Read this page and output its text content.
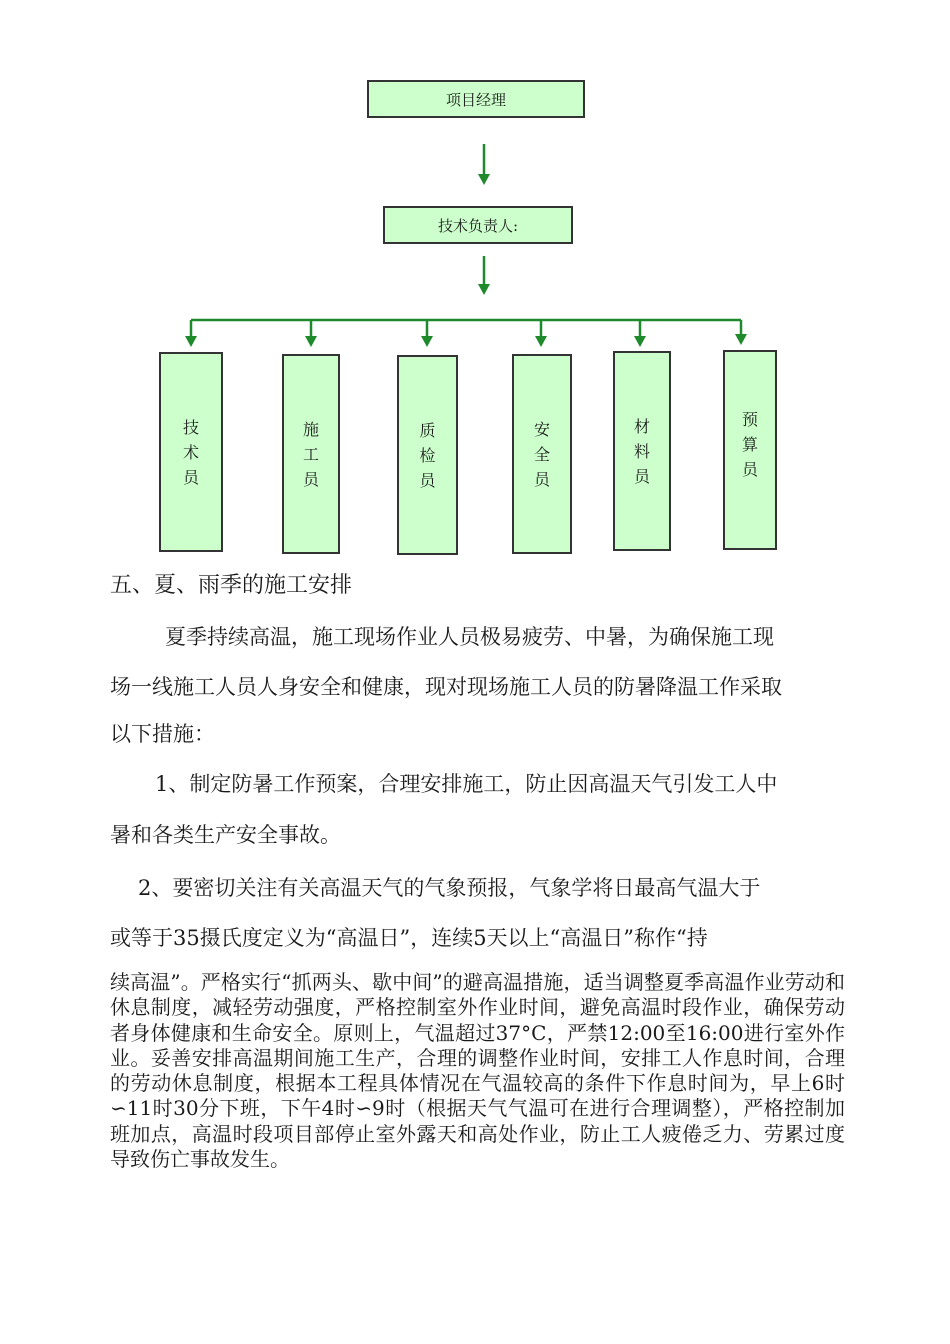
项目经理
技术负责人:
技
术
员
施
工
员
质
检
员
安
全
员
材
料
员
预
算
员
五、夏、雨季的施工安排
夏季持续高温，施工现场作业人员极易疲劳、中暑，为确保施工现
场一线施工人员人身安全和健康，现对现场施工人员的防暑降温工作采取
以下措施：
1、制定防暑工作预案，合理安排施工，防止因高温天气引发工人中
暑和各类生产安全事故。
2、要密切关注有关高温天气的气象预报，气象学将日最高气温大于
或等于35摄氏度定义为“高温日”，连续5天以上“高温日”称作“持
续高温”。严格实行“抓两头、歇中间”的避高温措施，适当调整夏季高温作业劳动和休息制度，减轻劳动强度，严格控制室外作业时间，避免高温时段作业，确保劳动者身体健康和生命安全。原则上，气温超过37°C，严禁12:00至16:00进行室外作业。妥善安排高温期间施工生产，合理的调整作业时间，安排工人作息时间，合理的劳动休息制度，根据本工程具体情况在气温较高的条件下作息时间为，早上6时∽11时30分下班，下午4时∽9时（根据天气气温可在进行合理调整），严格控制加班加点，高温时段项目部停止室外露天和高处作业，防止工人疲倦乏力、劳累过度导致伤亡事故发生。
